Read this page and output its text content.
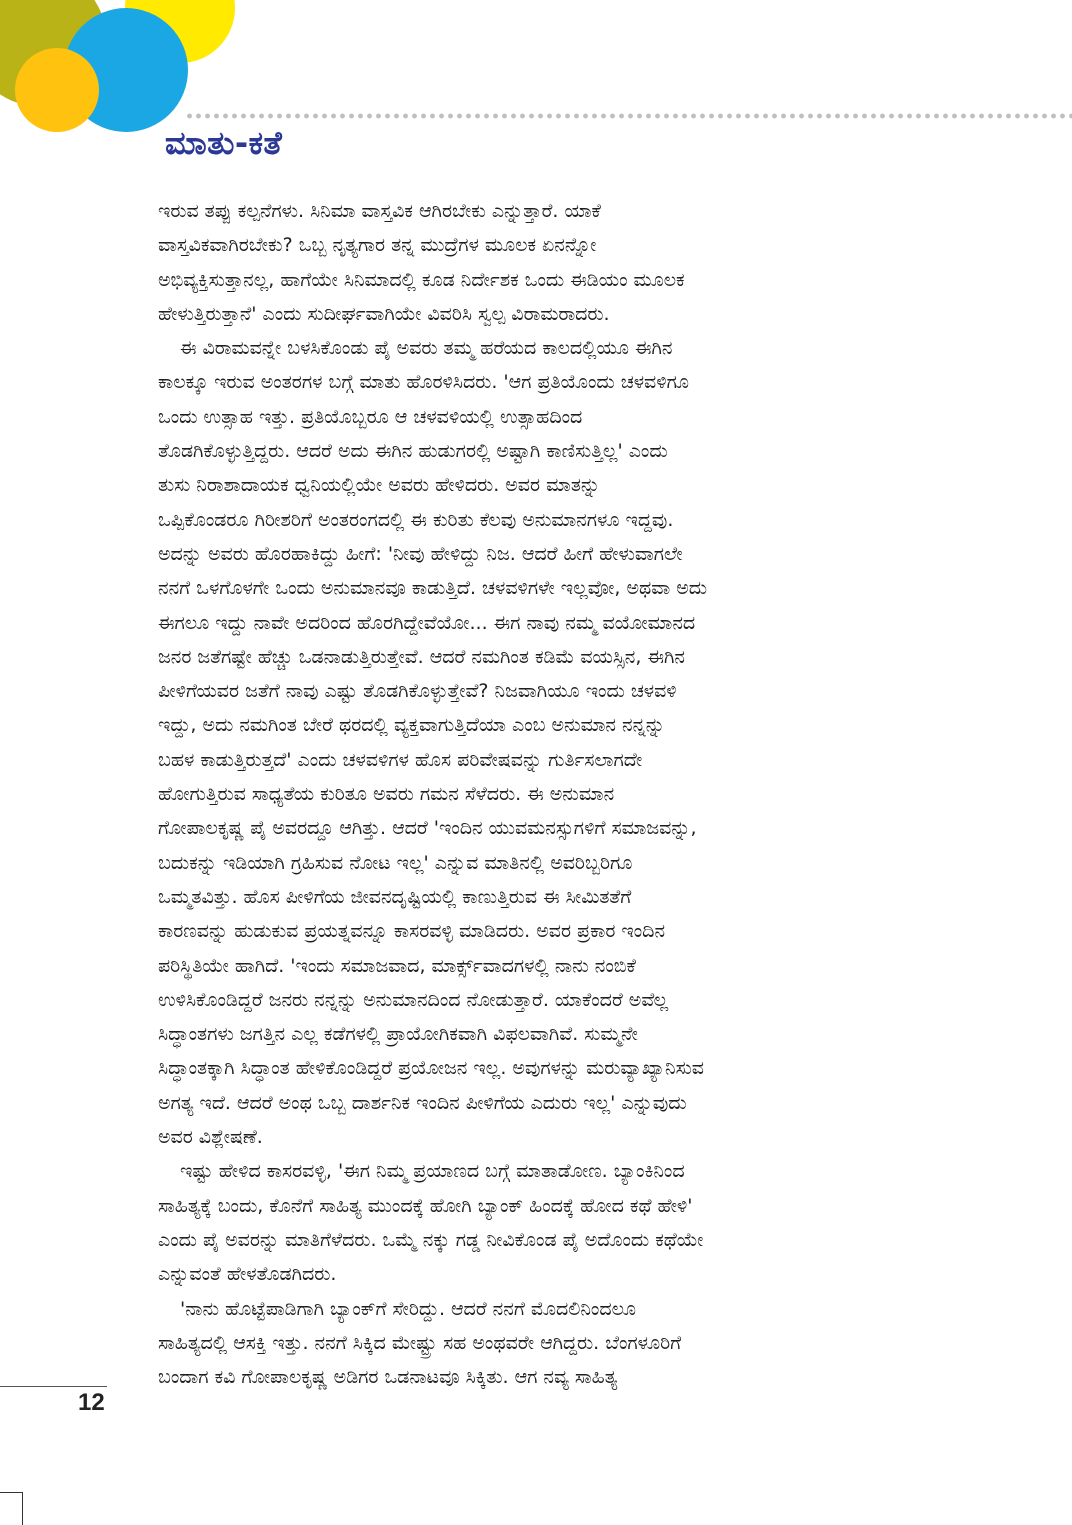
ಮಾತು-ಕತೆ
ಇರುವ ತಪ್ಪು ಕಲ್ಪನೆಗಳು. ಸಿನಿಮಾ ವಾಸ್ತವಿಕ ಆಗಿರಬೇಕು ಎನ್ನುತ್ತಾರೆ. ಯಾಕೆ
ವಾಸ್ತವಿಕವಾಗಿರಬೇಕು? ಒಬ್ಬ ನೃತ್ಯಗಾರ ತನ್ನ ಮುದ್ರೆಗಳ ಮೂಲಕ ಏನನ್ನೋ
ಅಭಿವ್ಯಕ್ತಿಸುತ್ತಾನಲ್ಲ, ಹಾಗೆಯೇ ಸಿನಿಮಾದಲ್ಲಿ ಕೂಡ ನಿರ್ದೇಶಕ ಒಂದು ಈಡಿಯಂ ಮೂಲಕ
ಹೇಳುತ್ತಿರುತ್ತಾನೆ' ಎಂದು ಸುದೀರ್ಘವಾಗಿಯೇ ವಿವರಿಸಿ ಸ್ವಲ್ಪ ವಿರಾಮರಾದರು.
ಈ ವಿರಾಮವನ್ನೇ ಬಳಸಿಕೊಂಡು ಪೈ ಅವರು ತಮ್ಮ ಹರೆಯದ ಕಾಲದಲ್ಲಿಯೂ ಈಗಿನ
ಕಾಲಕ್ಕೂ ಇರುವ ಅಂತರಗಳ ಬಗ್ಗೆ ಮಾತು ಹೊರಳಿಸಿದರು. 'ಆಗ ಪ್ರತಿಯೊಂದು ಚಳವಳಿಗೂ
ಒಂದು ಉತ್ಸಾಹ ಇತ್ತು. ಪ್ರತಿಯೊಬ್ಬರೂ ಆ ಚಳವಳಿಯಲ್ಲಿ ಉತ್ಸಾಹದಿಂದ
ತೊಡಗಿಕೊಳ್ಳುತ್ತಿದ್ದರು. ಆದರೆ ಅದು ಈಗಿನ ಹುಡುಗರಲ್ಲಿ ಅಷ್ಟಾಗಿ ಕಾಣಿಸುತ್ತಿಲ್ಲ' ಎಂದು
ತುಸು ನಿರಾಶಾದಾಯಕ ಧ್ವನಿಯಲ್ಲಿಯೇ ಅವರು ಹೇಳಿದರು. ಅವರ ಮಾತನ್ನು
ಒಪ್ಪಿಕೊಂಡರೂ ಗಿರೀಶರಿಗೆ ಅಂತರಂಗದಲ್ಲಿ ಈ ಕುರಿತು ಕೆಲವು ಅನುಮಾನಗಳೂ ಇದ್ದವು.
ಅದನ್ನು ಅವರು ಹೊರಹಾಕಿದ್ದು ಹೀಗೆ: 'ನೀವು ಹೇಳಿದ್ದು ನಿಜ. ಆದರೆ ಹೀಗೆ ಹೇಳುವಾಗಲೇ
ನನಗೆ ಒಳಗೊಳಗೇ ಒಂದು ಅನುಮಾನವೂ ಕಾಡುತ್ತಿದೆ. ಚಳವಳಿಗಳೇ ಇಲ್ಲವೋ, ಅಥವಾ ಅದು
ಈಗಲೂ ಇದ್ದು ನಾವೇ ಅದರಿಂದ ಹೊರಗಿದ್ದೇವೆಯೋ... ಈಗ ನಾವು ನಮ್ಮ ವಯೋಮಾನದ
ಜನರ ಜತೆಗಷ್ಟೇ ಹೆಚ್ಚು ಒಡನಾಡುತ್ತಿರುತ್ತೇವೆ. ಆದರೆ ನಮಗಿಂತ ಕಡಿಮೆ ವಯಸ್ಸಿನ, ಈಗಿನ
ಪೀಳಿಗೆಯವರ ಜತೆಗೆ ನಾವು ಎಷ್ಟು ತೊಡಗಿಕೊಳ್ಳುತ್ತೇವೆ? ನಿಜವಾಗಿಯೂ ಇಂದು ಚಳವಳಿ
ಇದ್ದು, ಅದು ನಮಗಿಂತ ಬೇರೆ ಥರದಲ್ಲಿ ವ್ಯಕ್ತವಾಗುತ್ತಿದೆಯಾ ಎಂಬ ಅನುಮಾನ ನನ್ನನ್ನು
ಬಹಳ ಕಾಡುತ್ತಿರುತ್ತದೆ' ಎಂದು ಚಳವಳಿಗಳ ಹೊಸ ಪರಿವೇಷವನ್ನು ಗುರ್ತಿಸಲಾಗದೇ
ಹೋಗುತ್ತಿರುವ ಸಾಧ್ಯತೆಯ ಕುರಿತೂ ಅವರು ಗಮನ ಸೆಳೆದರು. ಈ ಅನುಮಾನ
ಗೋಪಾಲಕೃಷ್ಣ ಪೈ ಅವರದ್ದೂ ಆಗಿತ್ತು. ಆದರೆ 'ಇಂದಿನ ಯುವಮನಸ್ಸುಗಳಿಗೆ ಸಮಾಜವನ್ನು,
ಬದುಕನ್ನು ಇಡಿಯಾಗಿ ಗ್ರಹಿಸುವ ನೋಟ ಇಲ್ಲ' ಎನ್ನುವ ಮಾತಿನಲ್ಲಿ ಅವರಿಬ್ಬರಿಗೂ
ಒಮ್ಮತವಿತ್ತು. ಹೊಸ ಪೀಳಿಗೆಯ ಜೀವನದೃಷ್ಟಿಯಲ್ಲಿ ಕಾಣುತ್ತಿರುವ ಈ ಸೀಮಿತತೆಗೆ
ಕಾರಣವನ್ನು ಹುಡುಕುವ ಪ್ರಯತ್ನವನ್ನೂ ಕಾಸರವಳ್ಳಿ ಮಾಡಿದರು. ಅವರ ಪ್ರಕಾರ ಇಂದಿನ
ಪರಿಸ್ಥಿತಿಯೇ ಹಾಗಿದೆ. 'ಇಂದು ಸಮಾಜವಾದ, ಮಾರ್ಕ್ಸ್‌ವಾದಗಳಲ್ಲಿ ನಾನು ನಂಬಿಕೆ
ಉಳಿಸಿಕೊಂಡಿದ್ದರೆ ಜನರು ನನ್ನನ್ನು ಅನುಮಾನದಿಂದ ನೋಡುತ್ತಾರೆ. ಯಾಕೆಂದರೆ ಅವೆಲ್ಲ
ಸಿದ್ಧಾಂತಗಳು ಜಗತ್ತಿನ ಎಲ್ಲ ಕಡೆಗಳಲ್ಲಿ ಪ್ರಾಯೋಗಿಕವಾಗಿ ವಿಫಲವಾಗಿವೆ. ಸುಮ್ಮನೇ
ಸಿದ್ಧಾಂತಕ್ಕಾಗಿ ಸಿದ್ಧಾಂತ ಹೇಳಿಕೊಂಡಿದ್ದರೆ ಪ್ರಯೋಜನ ಇಲ್ಲ. ಅವುಗಳನ್ನು ಮರುವ್ಯಾಖ್ಯಾನಿಸುವ
ಅಗತ್ಯ ಇದೆ. ಆದರೆ ಅಂಥ ಒಬ್ಬ ದಾರ್ಶನಿಕ ಇಂದಿನ ಪೀಳಿಗೆಯ ಎದುರು ಇಲ್ಲ' ಎನ್ನುವುದು
ಅವರ ವಿಶ್ಲೇಷಣೆ.
ಇಷ್ಟು ಹೇಳಿದ ಕಾಸರವಳ್ಳಿ, 'ಈಗ ನಿಮ್ಮ ಪ್ರಯಾಣದ ಬಗ್ಗೆ ಮಾತಾಡೋಣ. ಬ್ಯಾಂಕಿನಿಂದ
ಸಾಹಿತ್ಯಕ್ಕೆ ಬಂದು, ಕೊನೆಗೆ ಸಾಹಿತ್ಯ ಮುಂದಕ್ಕೆ ಹೋಗಿ ಬ್ಯಾಂಕ್ ಹಿಂದಕ್ಕೆ ಹೋದ ಕಥೆ ಹೇಳಿ'
ಎಂದು ಪೈ ಅವರನ್ನು ಮಾತಿಗೆಳೆದರು. ಒಮ್ಮೆ ನಕ್ಕು ಗಡ್ಡ ನೀವಿಕೊಂಡ ಪೈ ಅದೊಂದು ಕಥೆಯೇ
ಎನ್ನುವಂತೆ ಹೇಳತೊಡಗಿದರು.
'ನಾನು ಹೊಟ್ಟೆಪಾಡಿಗಾಗಿ ಬ್ಯಾಂಕ್‌ಗೆ ಸೇರಿದ್ದು. ಆದರೆ ನನಗೆ ಮೊದಲಿನಿಂದಲೂ
ಸಾಹಿತ್ಯದಲ್ಲಿ ಆಸಕ್ತಿ ಇತ್ತು. ನನಗೆ ಸಿಕ್ಕಿದ ಮೇಷ್ಟ್ರು ಸಹ ಅಂಥವರೇ ಆಗಿದ್ದರು. ಬೆಂಗಳೂರಿಗೆ
ಬಂದಾಗ ಕವಿ ಗೋಪಾಲಕೃಷ್ಣ ಅಡಿಗರ ಒಡನಾಟವೂ ಸಿಕ್ಕಿತು. ಆಗ ನವ್ಯ ಸಾಹಿತ್ಯ
12
